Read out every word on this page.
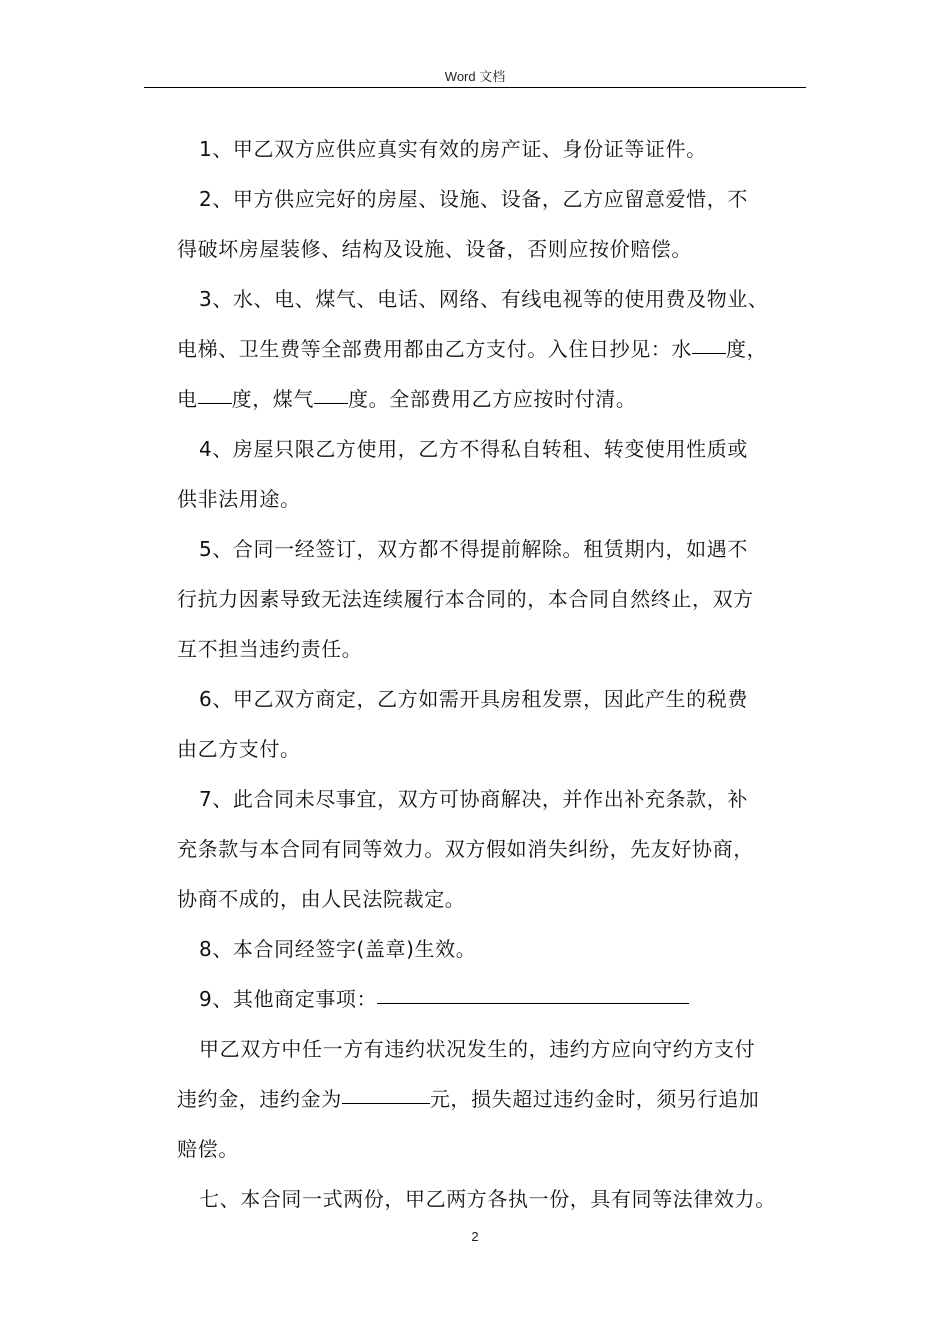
Word 文档
1、甲乙双方应供应真实有效的房产证、身份证等证件。
2、甲方供应完好的房屋、设施、设备，乙方应留意爱惜，不
得破坏房屋装修、结构及设施、设备，否则应按价赔偿。
3、水、电、煤气、电话、网络、有线电视等的使用费及物业、
电梯、卫生费等全部费用都由乙方支付。入住日抄见：水 度，
电 度，煤气 度。全部费用乙方应按时付清。
4、房屋只限乙方使用，乙方不得私自转租、转变使用性质或
供非法用途。
5、合同一经签订，双方都不得提前解除。租赁期内，如遇不
行抗力因素导致无法连续履行本合同的，本合同自然终止，双方
互不担当违约责任。
6、甲乙双方商定，乙方如需开具房租发票，因此产生的税费
由乙方支付。
7、此合同未尽事宜，双方可协商解决，并作出补充条款，补
充条款与本合同有同等效力。双方假如消失纠纷，先友好协商，
协商不成的，由人民法院裁定。
8、本合同经签字(盖章)生效。
9、其他商定事项：
甲乙双方中任一方有违约状况发生的，违约方应向守约方支付
违约金，违约金为	元，损失超过违约金时，须另行追加
赔偿。
七、本合同一式两份，甲乙两方各执一份，具有同等法律效力。
2
